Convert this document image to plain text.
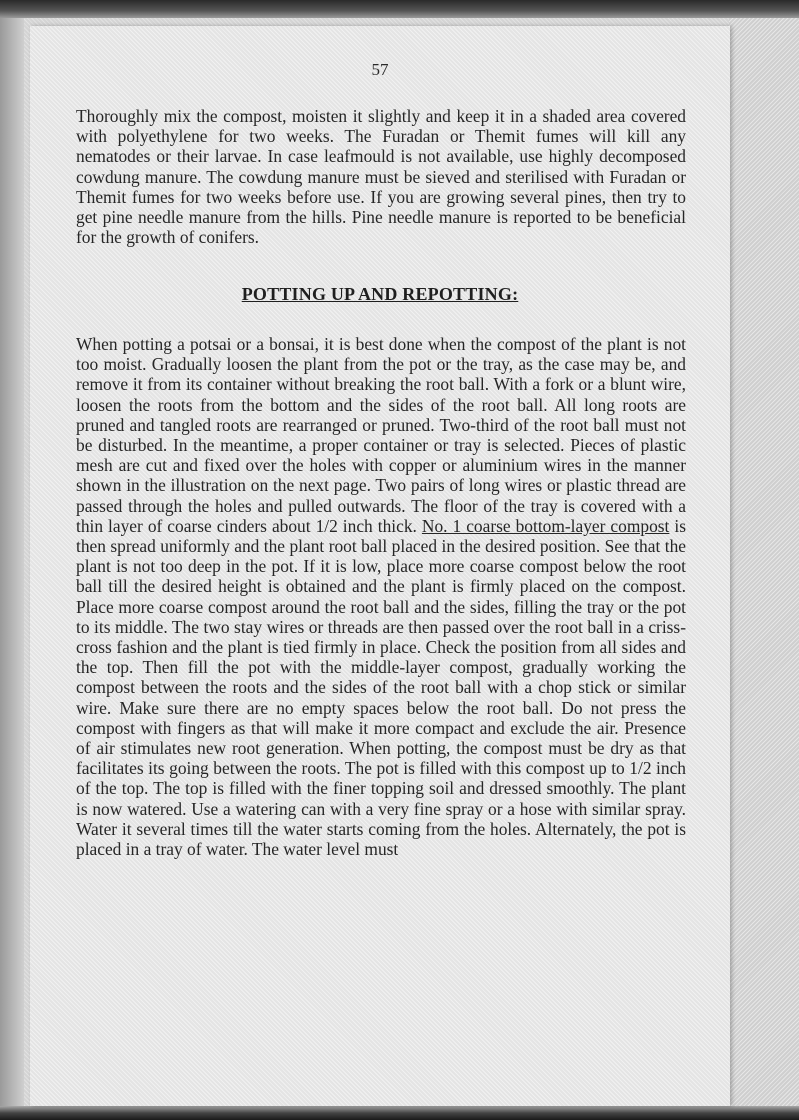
57

Thoroughly mix the compost, moisten it slightly and keep it in a shaded area covered with polyethylene for two weeks. The Furadan or Themit fumes will kill any nematodes or their larvae. In case leafmould is not available, use highly decomposed cowdung manure. The cowdung manure must be sieved and sterilised with Furadan or Themit fumes for two weeks before use. If you are growing several pines, then try to get pine needle manure from the hills. Pine needle manure is reported to be beneficial for the growth of conifers.

POTTING UP AND REPOTTING:

When potting a potsai or a bonsai, it is best done when the compost of the plant is not too moist. Gradually loosen the plant from the pot or the tray, as the case may be, and remove it from its container without breaking the root ball. With a fork or a blunt wire, loosen the roots from the bottom and the sides of the root ball. All long roots are pruned and tangled roots are rearranged or pruned. Two-third of the root ball must not be disturbed. In the meantime, a proper container or tray is selected. Pieces of plastic mesh are cut and fixed over the holes with copper or aluminium wires in the manner shown in the illustration on the next page. Two pairs of long wires or plastic thread are passed through the holes and pulled outwards. The floor of the tray is covered with a thin layer of coarse cinders about 1/2 inch thick. No. 1 coarse bottom-layer compost is then spread uniformly and the plant root ball placed in the desired position. See that the plant is not too deep in the pot. If it is low, place more coarse compost below the root ball till the desired height is obtained and the plant is firmly placed on the compost. Place more coarse compost around the root ball and the sides, filling the tray or the pot to its middle. The two stay wires or threads are then passed over the root ball in a criss-cross fashion and the plant is tied firmly in place. Check the position from all sides and the top. Then fill the pot with the middle-layer compost, gradually working the compost between the roots and the sides of the root ball with a chop stick or similar wire. Make sure there are no empty spaces below the root ball. Do not press the compost with fingers as that will make it more compact and exclude the air. Presence of air stimulates new root generation. When potting, the compost must be dry as that facilitates its going between the roots. The pot is filled with this compost up to 1/2 inch of the top. The top is filled with the finer topping soil and dressed smoothly. The plant is now watered. Use a watering can with a very fine spray or a hose with similar spray. Water it several times till the water starts coming from the holes. Alternately, the pot is placed in a tray of water. The water level must
